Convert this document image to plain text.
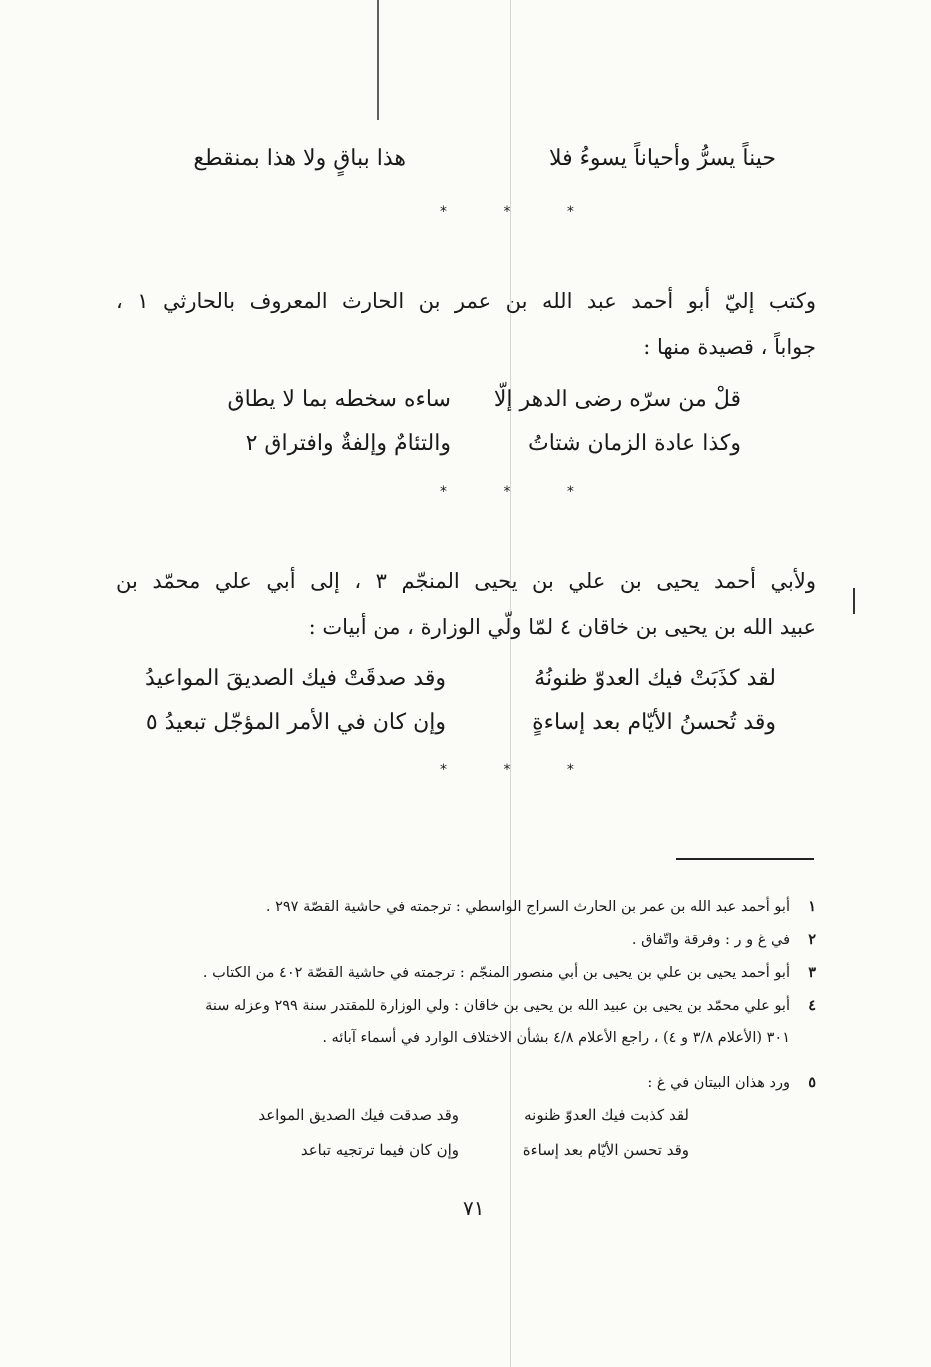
حيناً يسرُّ وأحياناً يسوءُ فلا
هذا بباقٍ ولا هذا بمنقطع
* * *
وكتب إليّ أبو أحمد عبد الله بن عمر بن الحارث المعروف بالحارثي ١ ،
جواباً ، قصيدة منها :
قلْ من سرّه رضى الدهر إلّا
ساءه سخطه بما لا يطاق
وكذا عادة الزمان شتاتُ
والتئامٌ وإلفةٌ وافتراق ٢
* * *
ولأبي أحمد يحيى بن علي بن يحيى المنجّم ٣ ، إلى أبي علي محمّد بن
عبيد الله بن يحيى بن خاقان ٤ لمّا ولّي الوزارة ، من أبيات :
لقد كذَبَتْ فيك العدوّ ظنونُهُ
وقد صدقَتْ فيك الصديقَ المواعيدُ
وقد تُحسنُ الأيّام بعد إساءةٍ
وإن كان في الأمر المؤجّل تبعيدُ ٥
* * *
١أبو أحمد عبد الله بن عمر بن الحارث السراج الواسطي : ترجمته في حاشية القصّة ٢٩٧ .
٢في غ و ر : وفرقة واتّفاق .
٣أبو أحمد يحيى بن علي بن يحيى بن أبي منصور المنجّم : ترجمته في حاشية القصّة ٤٠٢ من الكتاب .
٤أبو علي محمّد بن يحيى بن عبيد الله بن يحيى بن خاقان : ولي الوزارة للمقتدر سنة ٢٩٩ وعزله سنة
٣٠١ (الأعلام ٣/٨ و ٤) ، راجع الأعلام ٤/٨ بشأن الاختلاف الوارد في أسماء آبائه .
٥ورد هذان البيتان في غ :
لقد كذبت فيك العدوّ ظنونه
وقد صدقت فيك الصديق المواعد
وقد تحسن الأيّام بعد إساءة
وإن كان فيما ترتجيه تباعد
٧١
